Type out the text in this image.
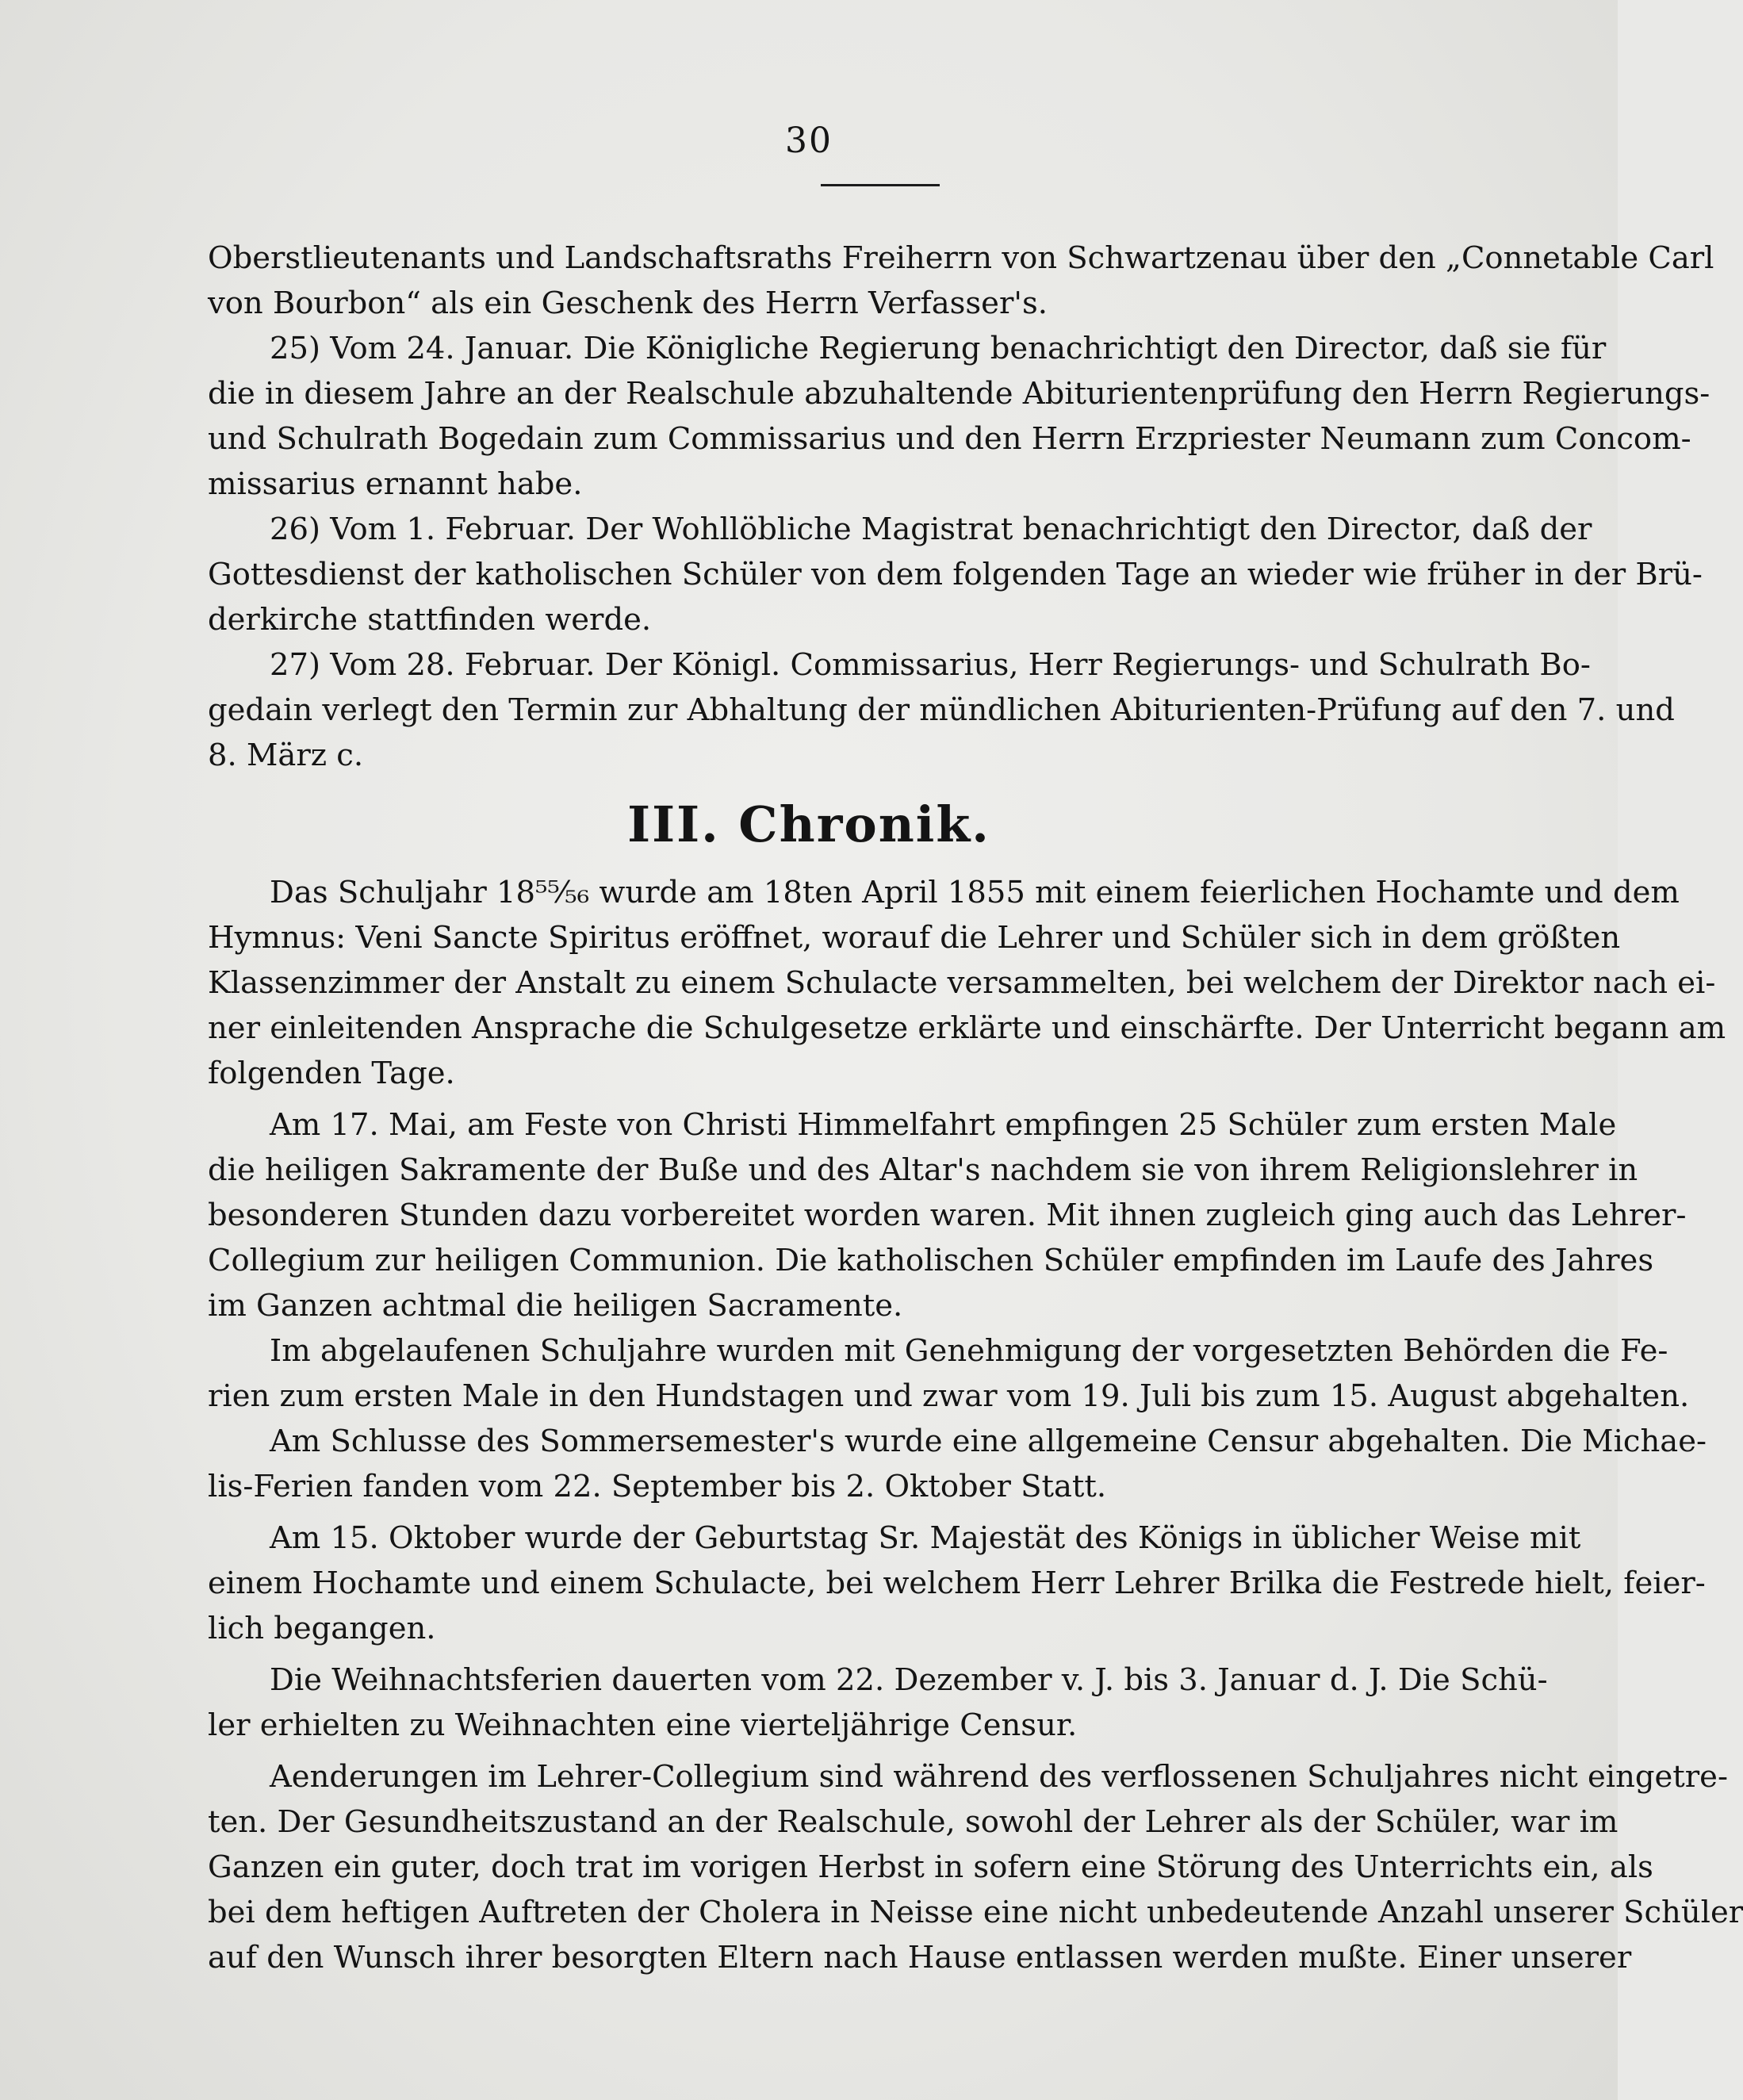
30
Oberstlieutenants und Landschaftsraths Freiherrn von Schwartzenau über den „Connetable Carl
von Bourbon“ als ein Geschenk des Herrn Verfasser's.
25) Vom 24. Januar. Die Königliche Regierung benachrichtigt den Director, daß sie für
die in diesem Jahre an der Realschule abzuhaltende Abiturientenprüfung den Herrn Regierungs-
und Schulrath Bogedain zum Commissarius und den Herrn Erzpriester Neumann zum Concom-
missarius ernannt habe.
26) Vom 1. Februar. Der Wohllöbliche Magistrat benachrichtigt den Director, daß der
Gottesdienst der katholischen Schüler von dem folgenden Tage an wieder wie früher in der Brü-
derkirche stattfinden werde.
27) Vom 28. Februar. Der Königl. Commissarius, Herr Regierungs- und Schulrath Bo-
gedain verlegt den Termin zur Abhaltung der mündlichen Abiturienten-Prüfung auf den 7. und
8. März c.
III. Chronik.
Das Schuljahr 18⁵⁵⁄₅₆ wurde am 18ten April 1855 mit einem feierlichen Hochamte und dem
Hymnus: Veni Sancte Spiritus eröffnet, worauf die Lehrer und Schüler sich in dem größten
Klassenzimmer der Anstalt zu einem Schulacte versammelten, bei welchem der Direktor nach ei-
ner einleitenden Ansprache die Schulgesetze erklärte und einschärfte. Der Unterricht begann am
folgenden Tage.
Am 17. Mai, am Feste von Christi Himmelfahrt empfingen 25 Schüler zum ersten Male
die heiligen Sakramente der Buße und des Altar's nachdem sie von ihrem Religionslehrer in
besonderen Stunden dazu vorbereitet worden waren. Mit ihnen zugleich ging auch das Lehrer-
Collegium zur heiligen Communion. Die katholischen Schüler empfinden im Laufe des Jahres
im Ganzen achtmal die heiligen Sacramente.
Im abgelaufenen Schuljahre wurden mit Genehmigung der vorgesetzten Behörden die Fe-
rien zum ersten Male in den Hundstagen und zwar vom 19. Juli bis zum 15. August abgehalten.
Am Schlusse des Sommersemester's wurde eine allgemeine Censur abgehalten. Die Michae-
lis-Ferien fanden vom 22. September bis 2. Oktober Statt.
Am 15. Oktober wurde der Geburtstag Sr. Majestät des Königs in üblicher Weise mit
einem Hochamte und einem Schulacte, bei welchem Herr Lehrer Brilka die Festrede hielt, feier-
lich begangen.
Die Weihnachtsferien dauerten vom 22. Dezember v. J. bis 3. Januar d. J. Die Schü-
ler erhielten zu Weihnachten eine vierteljährige Censur.
Aenderungen im Lehrer-Collegium sind während des verflossenen Schuljahres nicht eingetre-
ten. Der Gesundheitszustand an der Realschule, sowohl der Lehrer als der Schüler, war im
Ganzen ein guter, doch trat im vorigen Herbst in sofern eine Störung des Unterrichts ein, als
bei dem heftigen Auftreten der Cholera in Neisse eine nicht unbedeutende Anzahl unserer Schüler
auf den Wunsch ihrer besorgten Eltern nach Hause entlassen werden mußte. Einer unserer
